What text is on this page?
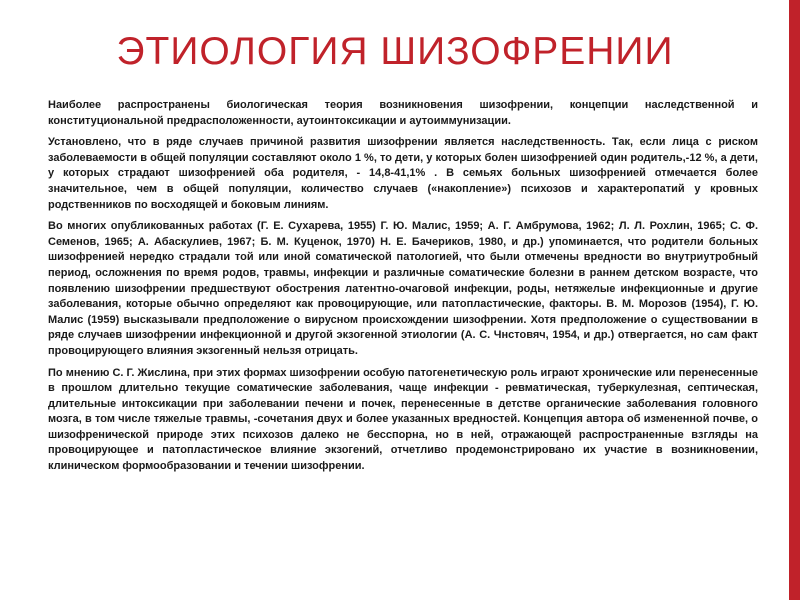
ЭТИОЛОГИЯ ШИЗОФРЕНИИ

Наиболее распространены биологическая теория возникновения шизофрении, концепции наследственной и конституциональной предрасположенности, аутоинтоксикации и аутоиммунизации.

Установлено, что в ряде случаев причиной развития шизофрении является наследственность. Так, если лица с риском заболеваемости в общей популяции составляют около 1 %, то дети, у которых болен шизофренией один родитель,-12 %, а дети, у которых страдают шизофренией оба родителя, - 14,8-41,1% . В семьях больных шизофренией отмечается более значительное, чем в общей популяции, количество случаев («накопление») психозов и характеропатий у кровных родственников по восходящей и боковым линиям.

Во многих опубликованных работах (Г. Е. Сухарева, 1955) Г. Ю. Малис, 1959; А. Г. Амбрумова, 1962; Л. Л. Рохлин, 1965; С. Ф. Семенов, 1965; А. Абаскулиев, 1967; Б. М. Куценок, 1970) Н. Е. Бачериков, 1980, и др.) упоминается, что родители больных шизофренией нередко страдали той или иной соматической патологией, что были отмечены вредности во внутриутробный период, осложнения по время родов, травмы, инфекции и различные соматические болезни в раннем детском возрасте, что появлению шизофрении предшествуют обострения латентно-очаговой инфекции, роды, нетяжелые инфекционные и другие заболевания, которые обычно определяют как провоцирующие, или патопластические, факторы. В. М. Морозов (1954), Г. Ю. Малис (1959) высказывали предположение о вирусном происхождении шизофрении. Хотя предположение о существовании в ряде случаев шизофрении инфекционной и другой экзогенной этиологии (А. С. Чнстовяч, 1954, и др.) отвергается, но сам факт провоцирующего влияния экзогенный нельзя отрицать.

По мнению С. Г. Жислина, при этих формах шизофрении особую патогенетическую роль играют хронические или перенесенные в прошлом длительно текущие соматические заболевания, чаще инфекции - ревматическая, туберкулезная, септическая, длительные интоксикации при заболевании печени и почек, перенесенные в детстве органические заболевания головного мозга, в том числе тяжелые травмы, -сочетания двух и более указанных вредностей. Концепция автора об измененной почве, о шизофренической природе этих психозов далеко не бесспорна, но в ней, отражающей распространенные взгляды на провоцирующее и патопластическое влияние экзогений, отчетливо продемонстрировано их участие в возникновении, клиническом формообразовании и течении шизофрении.
